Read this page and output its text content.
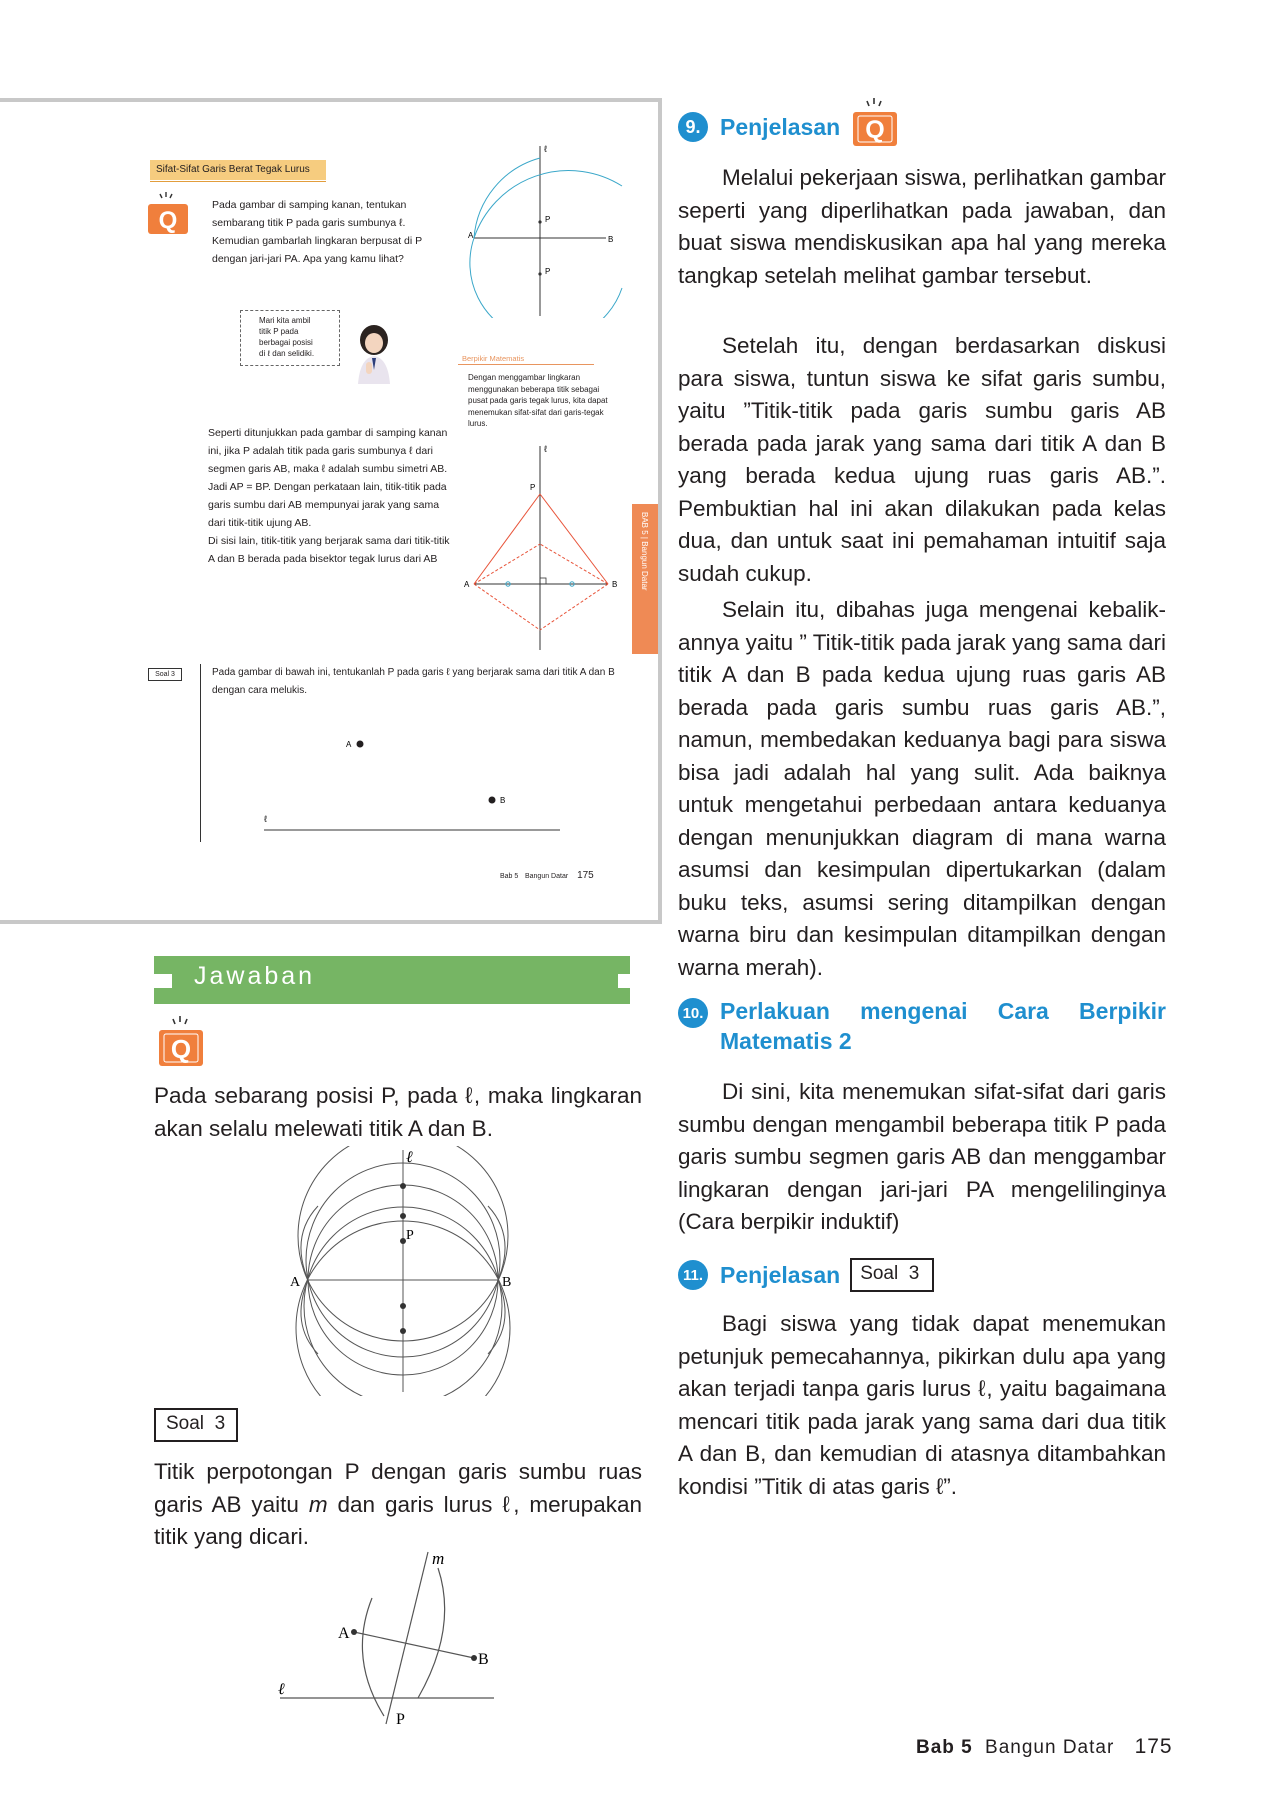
Sifat-Sifat Garis Berat Tegak Lurus
Q
Pada gambar di samping kanan, tentukan sembarang titik P pada garis sumbunya ℓ. Kemudian gambarlah lingkaran berpusat di P dengan jari-jari PA. Apa yang kamu lihat?
Mari kita ambil titik P pada berbagai posisi di ℓ dan selidiki.
Seperti ditunjukkan pada gambar di samping kanan ini, jika P adalah titik pada garis sumbunya ℓ dari segmen garis AB, maka ℓ adalah sumbu simetri AB. Jadi AP = BP. Dengan perkataan lain, titik-titik pada garis sumbu dari AB mempunyai jarak yang sama dari titik-titik ujung AB.
Di sisi lain, titik-titik yang berjarak sama dari titik-titik A dan B berada pada bisektor tegak lurus dari AB
Berpikir Matematis
Dengan menggambar lingkaran menggunakan beberapa titik sebagai pusat pada garis tegak lurus, kita dapat menemukan sifat-sifat dari garis-tegak lurus.
ℓ
P
P
A	B
ℓ
P
A	B	BAB 5 | Bangun Datar
Soal 3	Pada gambar di bawah ini, tentukanlah P pada garis ℓ yang berjarak sama dari titik A dan B dengan cara melukis.
A
B
ℓ
Bab 5 Bangun Datar 175
Jawaban
Q
Pada sebarang posisi P, pada ℓ, maka lingkaran akan selalu melewati titik A dan B.
ℓ
P
A	B
Soal 3
Titik perpotongan P dengan garis sumbu ruas garis AB yaitu m dan garis lurus ℓ, merupakan titik yang dicari.
m
A
B
ℓ
P
9. Penjelasan Q
Melalui pekerjaan siswa, perlihatkan gambar seperti yang diperlihatkan pada jawaban, dan buat siswa mendiskusikan apa hal yang mereka tangkap setelah melihat gambar tersebut.
Setelah itu, dengan berdasarkan diskusi para siswa, tuntun siswa ke sifat garis sumbu, yaitu ”Titik-titik pada garis sumbu garis AB berada pada jarak yang sama dari titik A dan B yang berada kedua ujung ruas garis AB.”. Pembuktian hal ini akan dilakukan pada kelas dua, dan untuk saat ini pemahaman intuitif saja sudah cukup.
Selain itu, dibahas juga mengenai kebalik-annya yaitu ” Titik-titik pada jarak yang sama dari titik A dan B pada kedua ujung ruas garis AB berada pada garis sumbu ruas garis AB.”, namun, membedakan keduanya bagi para siswa bisa jadi adalah hal yang sulit. Ada baiknya untuk mengetahui perbedaan antara keduanya dengan menunjukkan diagram di mana warna asumsi dan kesimpulan dipertukarkan (dalam buku teks, asumsi sering ditampilkan dengan warna biru dan kesimpulan ditampilkan dengan warna merah).
10. Perlakuan mengenai Cara Berpikir
Matematis 2
Di sini, kita menemukan sifat-sifat dari garis sumbu dengan mengambil beberapa titik P pada garis sumbu segmen garis AB dan menggambar lingkaran dengan jari-jari PA mengelilinginya (Cara berpikir induktif)
11. Penjelasan	Soal 3
Bagi siswa yang tidak dapat menemukan petunjuk pemecahannya, pikirkan dulu apa yang akan terjadi tanpa garis lurus ℓ, yaitu bagaimana mencari titik pada jarak yang sama dari dua titik A dan B, dan kemudian di atasnya ditambahkan kondisi ”Titik di atas garis ℓ”.
Bab 5 Bangun Datar 175
